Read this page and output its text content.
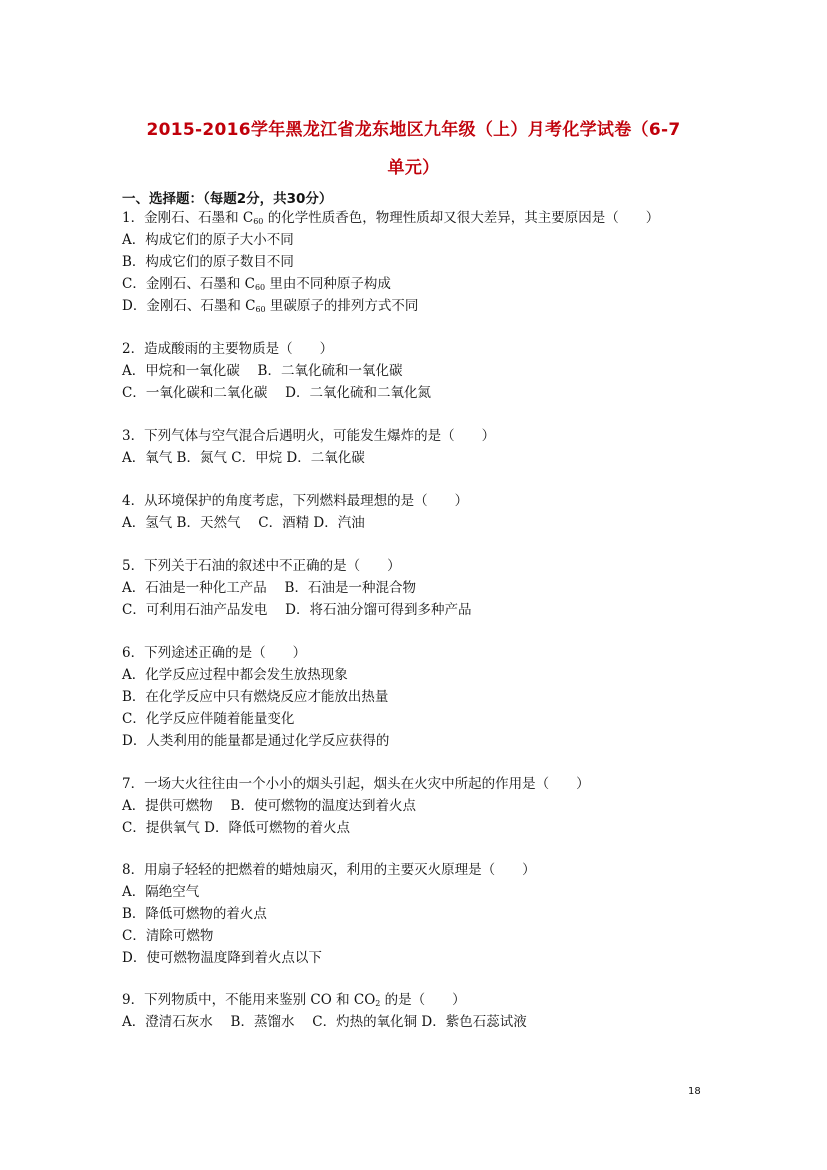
2015-2016学年黑龙江省龙东地区九年级（上）月考化学试卷（6-7
单元）
一、选择题：（每题2分，共30分）
1．金刚石、石墨和 $C_{60}$ 的化学性质香色，物理性质却又很大差异，其主要原因是（　　）
A．构成它们的原子大小不同
B．构成它们的原子数目不同
C．金刚石、石墨和 $C_{60}$ 里由不同种原子构成
D．金刚石、石墨和 $C_{60}$ 里碳原子的排列方式不同
2．造成酸雨的主要物质是（　　）
A．甲烷和一氧化碳　 B．二氧化硫和一氧化碳
C．一氧化碳和二氧化碳　 D．二氧化硫和二氧化氮
3．下列气体与空气混合后遇明火，可能发生爆炸的是（　　）
A．氧气 B．氮气 C．甲烷 D．二氧化碳
4．从环境保护的角度考虑，下列燃料最理想的是（　　）
A．氢气 B．天然气　 C．酒精 D．汽油
5．下列关于石油的叙述中不正确的是（　　）
A．石油是一种化工产品　 B．石油是一种混合物
C．可利用石油产品发电　 D．将石油分馏可得到多种产品
6．下列途述正确的是（　　）
A．化学反应过程中都会发生放热现象
B．在化学反应中只有燃烧反应才能放出热量
C．化学反应伴随着能量变化
D．人类利用的能量都是通过化学反应获得的
7．一场大火往往由一个小小的烟头引起，烟头在火灾中所起的作用是（　　）
A．提供可燃物　 B．使可燃物的温度达到着火点
C．提供氧气 D．降低可燃物的着火点
8．用扇子轻轻的把燃着的蜡烛扇灭，利用的主要灭火原理是（　　）
A．隔绝空气
B．降低可燃物的着火点
C．清除可燃物
D．使可燃物温度降到着火点以下
9．下列物质中，不能用来鉴别 CO 和 $CO_2$ 的是（　　）
A．澄清石灰水　 B．蒸馏水　 C．灼热的氧化铜 D．紫色石蕊试液
18
